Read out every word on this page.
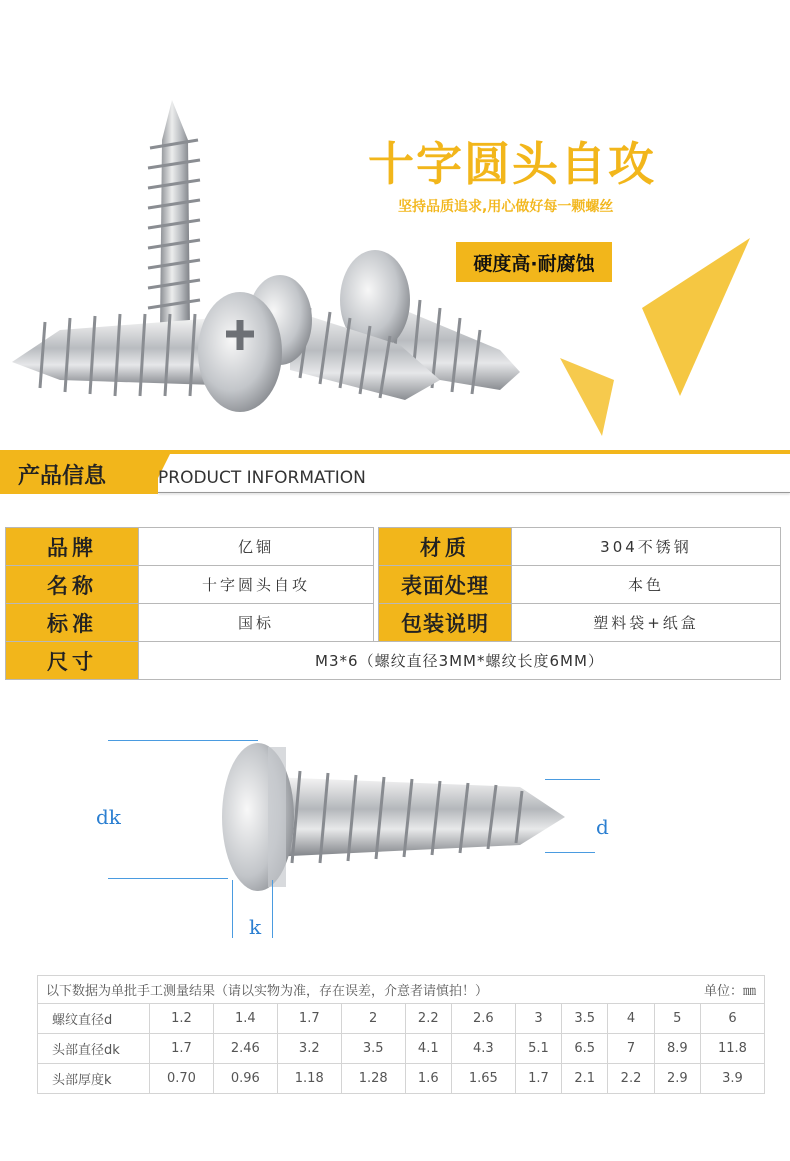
十字圆头自攻
坚持品质追求,用心做好每一颗螺丝
硬度高·耐腐蚀
产品信息	PRODUCT INFORMATION
品牌	亿锢		材质	304不锈钢
名称	十字圆头自攻		表面处理	本色
标准	国标		包装说明	塑料袋+纸盒
尺寸	M3*6（螺纹直径3MM*螺纹长度6MM）			
dk	d
k
以下数据为单批手工测量结果（请以实物为准，存在误差，介意者请慎拍！） 单位：㎜											

螺纹直径d	1.2	1.4	1.7	2	2.2	2.6	3	3.5	4	5	6
头部直径dk	1.7	2.46	3.2	3.5	4.1	4.3	5.1	6.5	7	8.9	11.8
头部厚度k	0.70	0.96	1.18	1.28	1.6	1.65	1.7	2.1	2.2	2.9	3.9
